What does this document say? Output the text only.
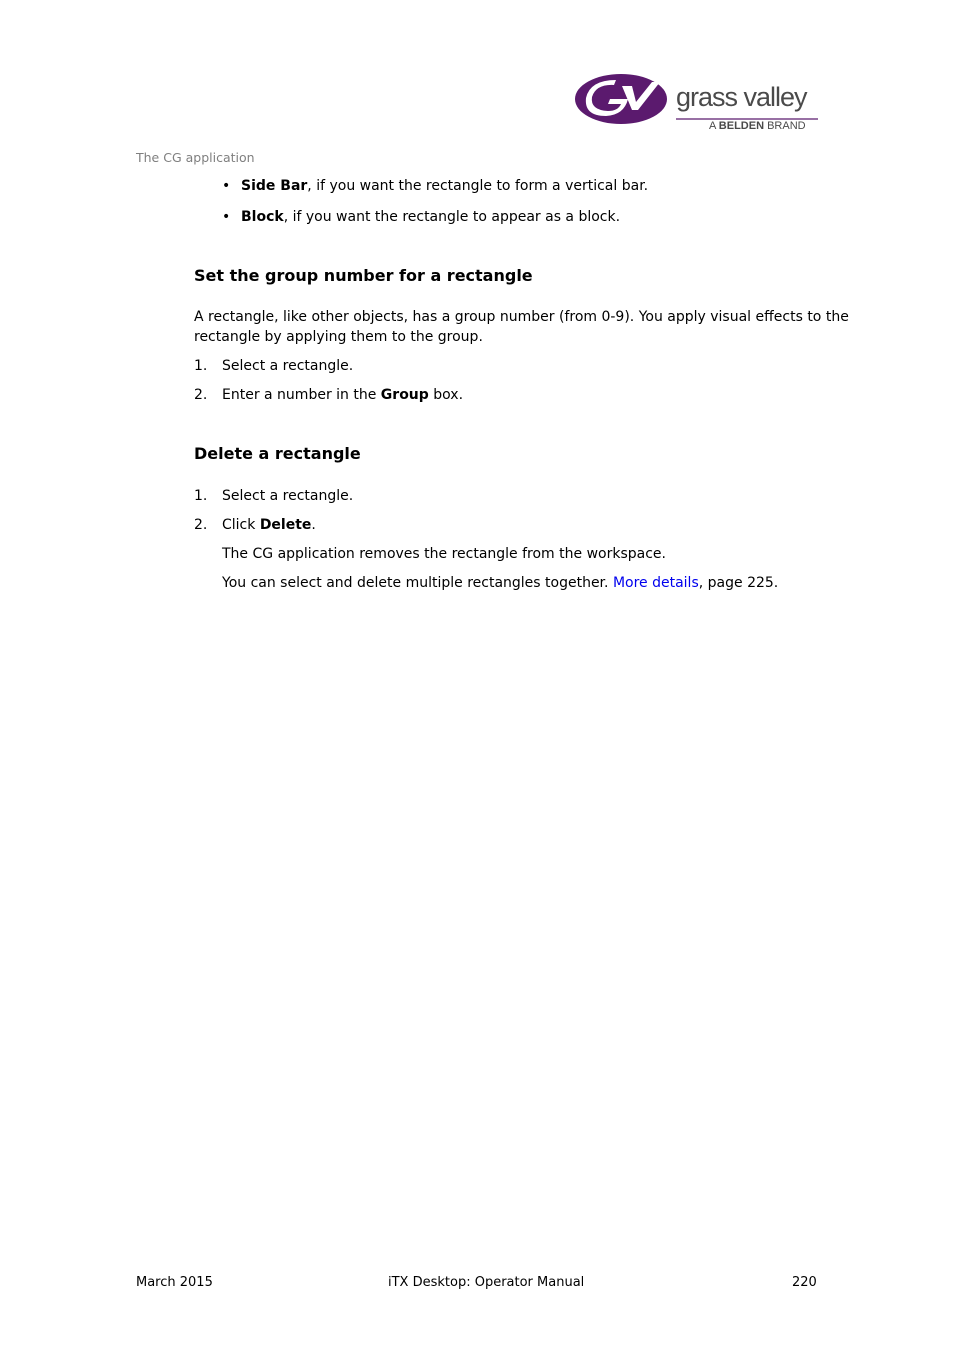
grass valley
A BELDEN BRAND
The CG application
• Side Bar, if you want the rectangle to form a vertical bar.
• Block, if you want the rectangle to appear as a block.
Set the group number for a rectangle
A rectangle, like other objects, has a group number (from 0-9). You apply visual effects to the
rectangle by applying them to the group.
1. Select a rectangle.
2. Enter a number in the Group box.
Delete a rectangle
1. Select a rectangle.
2. Click Delete.
The CG application removes the rectangle from the workspace.
You can select and delete multiple rectangles together. More details, page 225.
March 2015	iTX Desktop: Operator Manual	220
